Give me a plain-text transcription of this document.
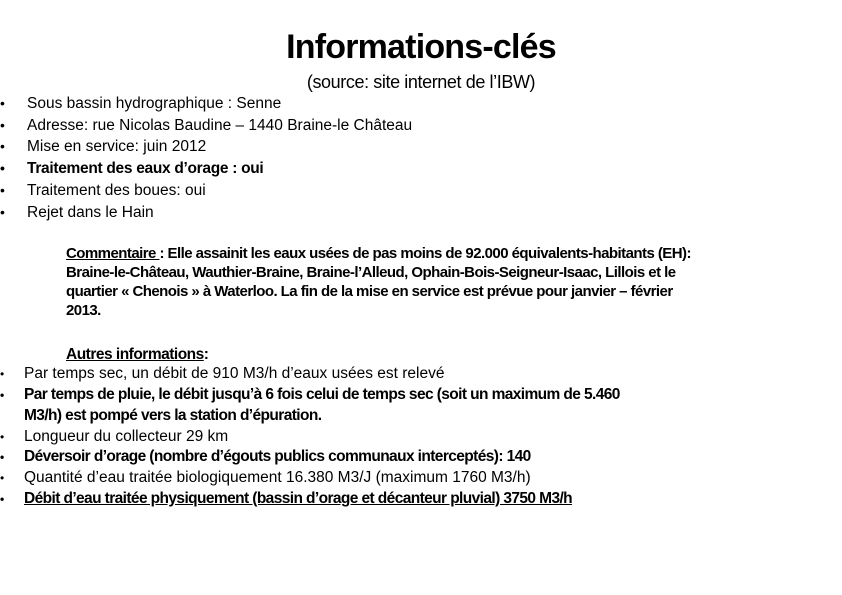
Informations-clés
(source: site internet de l’IBW)
•	Sous bassin hydrographique : Senne
•	Adresse: rue Nicolas Baudine – 1440 Braine-le Château
•	Mise en service: juin 2012
•	Traitement des eaux d’orage : oui
•	Traitement des boues: oui
•	Rejet dans le Hain
Commentaire : Elle assainit les eaux usées de pas moins de 92.000 équivalents-habitants (EH):
Braine-le-Château, Wauthier-Braine, Braine-l’Alleud, Ophain-Bois-Seigneur-Isaac, Lillois et le
quartier « Chenois » à Waterloo. La fin de la mise en service est prévue pour janvier – février
2013.
Autres informations:
•	Par temps sec, un débit de 910 M3/h d’eaux usées est relevé
•	Par temps de pluie, le débit jusqu’à 6 fois celui de temps sec (soit un maximum de 5.460
M3/h) est pompé vers la station d’épuration.
•	Longueur du collecteur 29 km
•	Déversoir d’orage (nombre d’égouts publics communaux interceptés): 140
•	Quantité d’eau traitée biologiquement 16.380 M3/J (maximum 1760 M3/h)
•	Débit d’eau traitée physiquement (bassin d’orage et décanteur pluvial) 3750 M3/h
